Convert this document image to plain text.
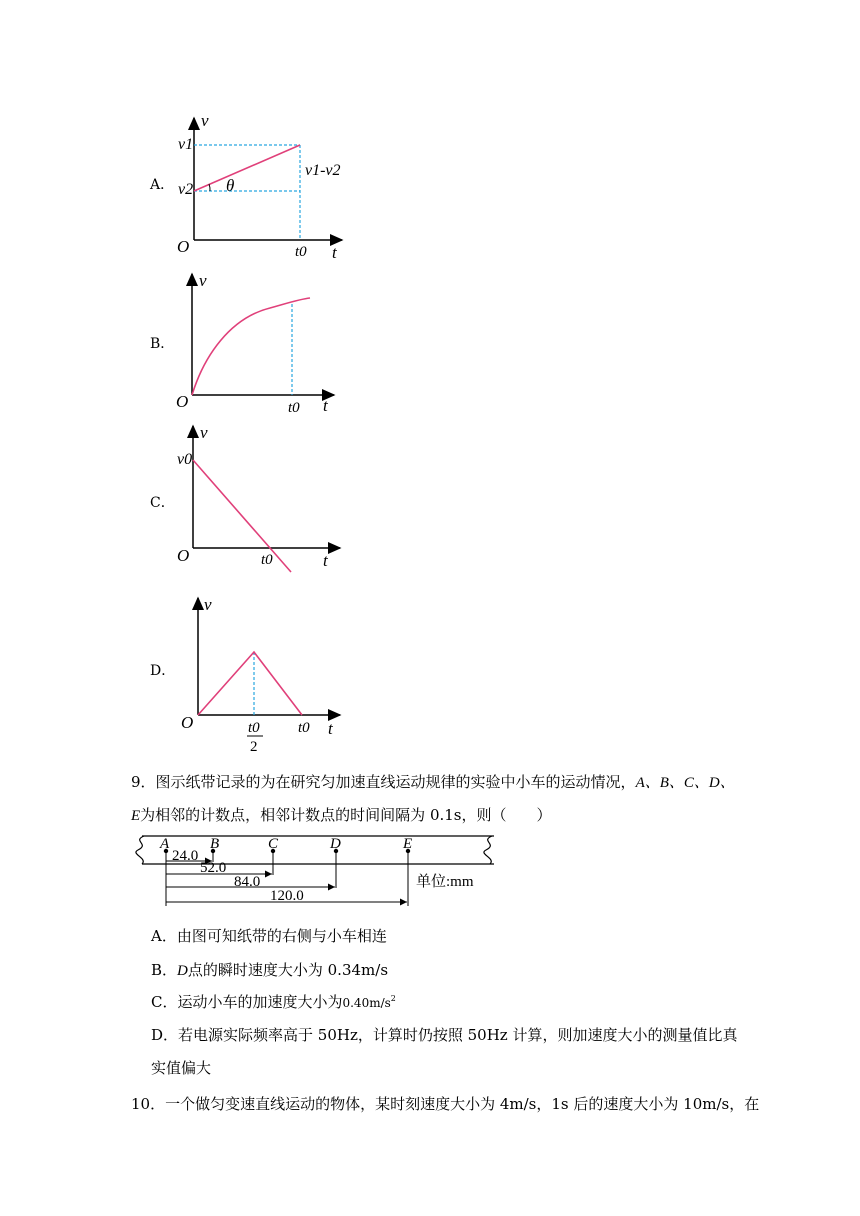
A．
v
v1
v2 θ
v1-v2
O	t0 t
B．
v
O	t0 t
C．
v
v0
O	t0	t
D．
v
O	t0
2
t0 t
9．图示纸带记录的为在研究匀加速直线运动规律的实验中小车的运动情况，A、B、C、D、
E为相邻的计数点，相邻计数点的时间间隔为 0.1s，则（　　）
A	B	C	D	E
24.0
52.0
84.0
120.0
单位:mm
A．由图可知纸带的右侧与小车相连
B．D点的瞬时速度大小为 0.34m/s
C．运动小车的加速度大小为$0.40m/s^2$
D．若电源实际频率高于 50Hz，计算时仍按照 50Hz 计算，则加速度大小的测量值比真
实值偏大
10．一个做匀变速直线运动的物体，某时刻速度大小为 4m/s，1s 后的速度大小为 10m/s，在
